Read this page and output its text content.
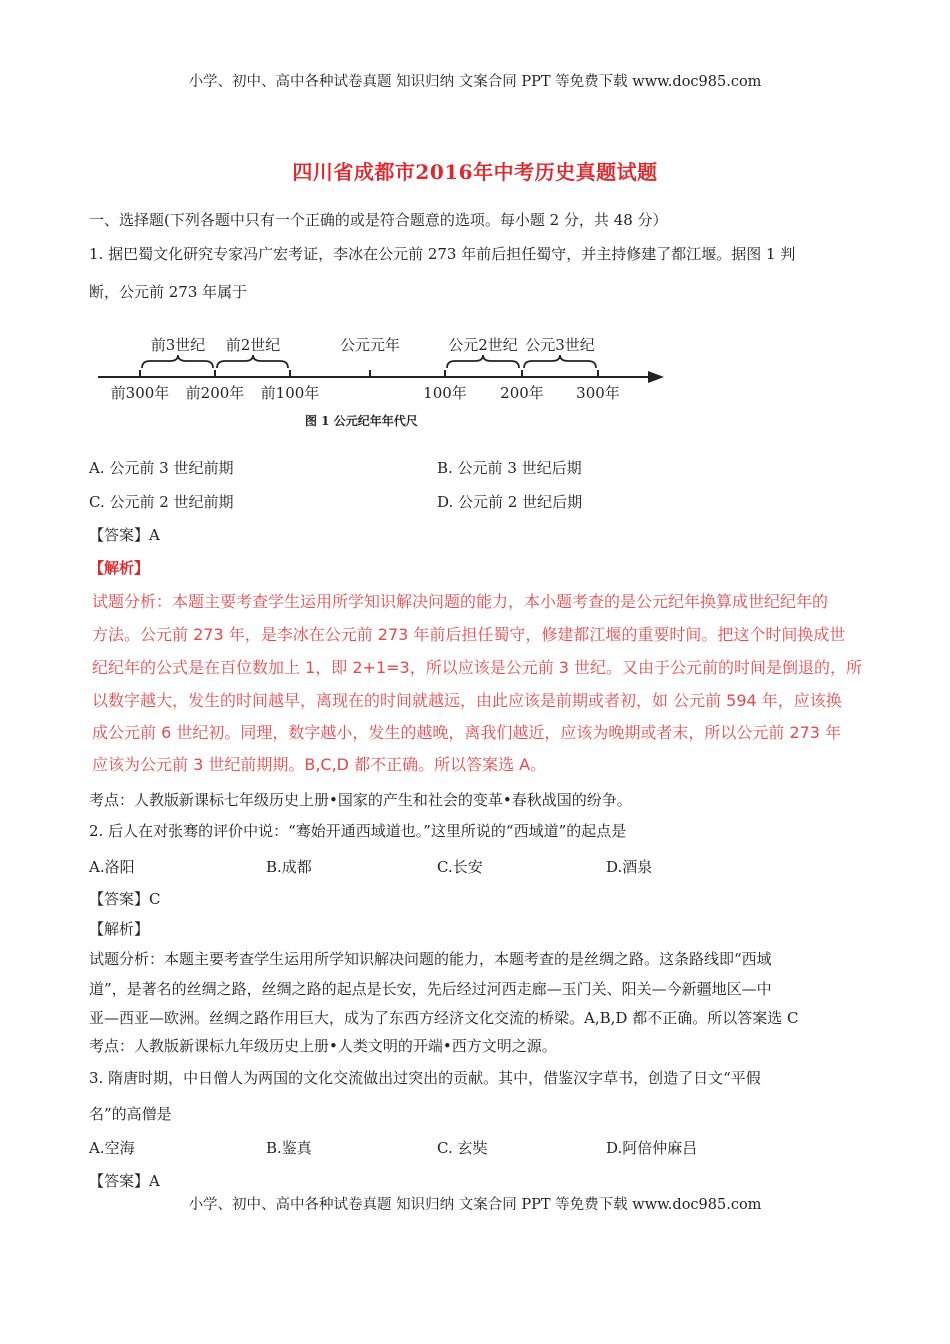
小学、初中、高中各种试卷真题 知识归纳 文案合同 PPT 等免费下载 www.doc985.com
四川省成都市2016年中考历史真题试题
一、选择题(下列各题中只有一个正确的或是符合题意的选项。每小题 2 分，共 48 分）
1. 据巴蜀文化研究专家冯广宏考证，李冰在公元前 273 年前后担任蜀守，并主持修建了都江堰。据图 1 判
断，公元前 273 年属于
前3世纪 前2世纪	公元元年	公元2世纪 公元3世纪
前300年 前200年 前100年	100年 200年 300年
图 1 公元纪年年代尺
A. 公元前 3 世纪前期	B. 公元前 3 世纪后期
C. 公元前 2 世纪前期	D. 公元前 2 世纪后期
【答案】A
【解析】
试题分析：本题主要考查学生运用所学知识解决问题的能力，本小题考查的是公元纪年换算成世纪纪年的
方法。公元前 273 年，是李冰在公元前 273 年前后担任蜀守，修建都江堰的重要时间。把这个时间换成世
纪纪年的公式是在百位数加上 1，即 2+1=3，所以应该是公元前 3 世纪。又由于公元前的时间是倒退的，所
以数字越大，发生的时间越早，离现在的时间就越远，由此应该是前期或者初，如 公元前 594 年，应该换
成公元前 6 世纪初。同理，数字越小，发生的越晚，离我们越近，应该为晚期或者末，所以公元前 273 年
应该为公元前 3 世纪前期期。B,C,D 都不正确。所以答案选 A。
考点：人教版新课标七年级历史上册•国家的产生和社会的变革•春秋战国的纷争。
2. 后人在对张骞的评价中说：“骞始开通西域道也。”这里所说的“西域道”的起点是
A.洛阳	B.成都	C.长安	D.酒泉
【答案】C
【解析】
试题分析：本题主要考查学生运用所学知识解决问题的能力，本题考查的是丝绸之路。这条路线即“西域
道”，是著名的丝绸之路，丝绸之路的起点是长安，先后经过河西走廊—玉门关、阳关—今新疆地区—中
亚—西亚—欧洲。丝绸之路作用巨大，成为了东西方经济文化交流的桥梁。A,B,D 都不正确。所以答案选 C
考点：人教版新课标九年级历史上册•人类文明的开端•西方文明之源。
3. 隋唐时期，中日僧人为两国的文化交流做出过突出的贡献。其中，借鉴汉字草书，创造了日文“平假
名”的高僧是
A.空海	B.鉴真	C. 玄奘	D.阿倍仲麻吕
【答案】A
小学、初中、高中各种试卷真题 知识归纳 文案合同 PPT 等免费下载 www.doc985.com
